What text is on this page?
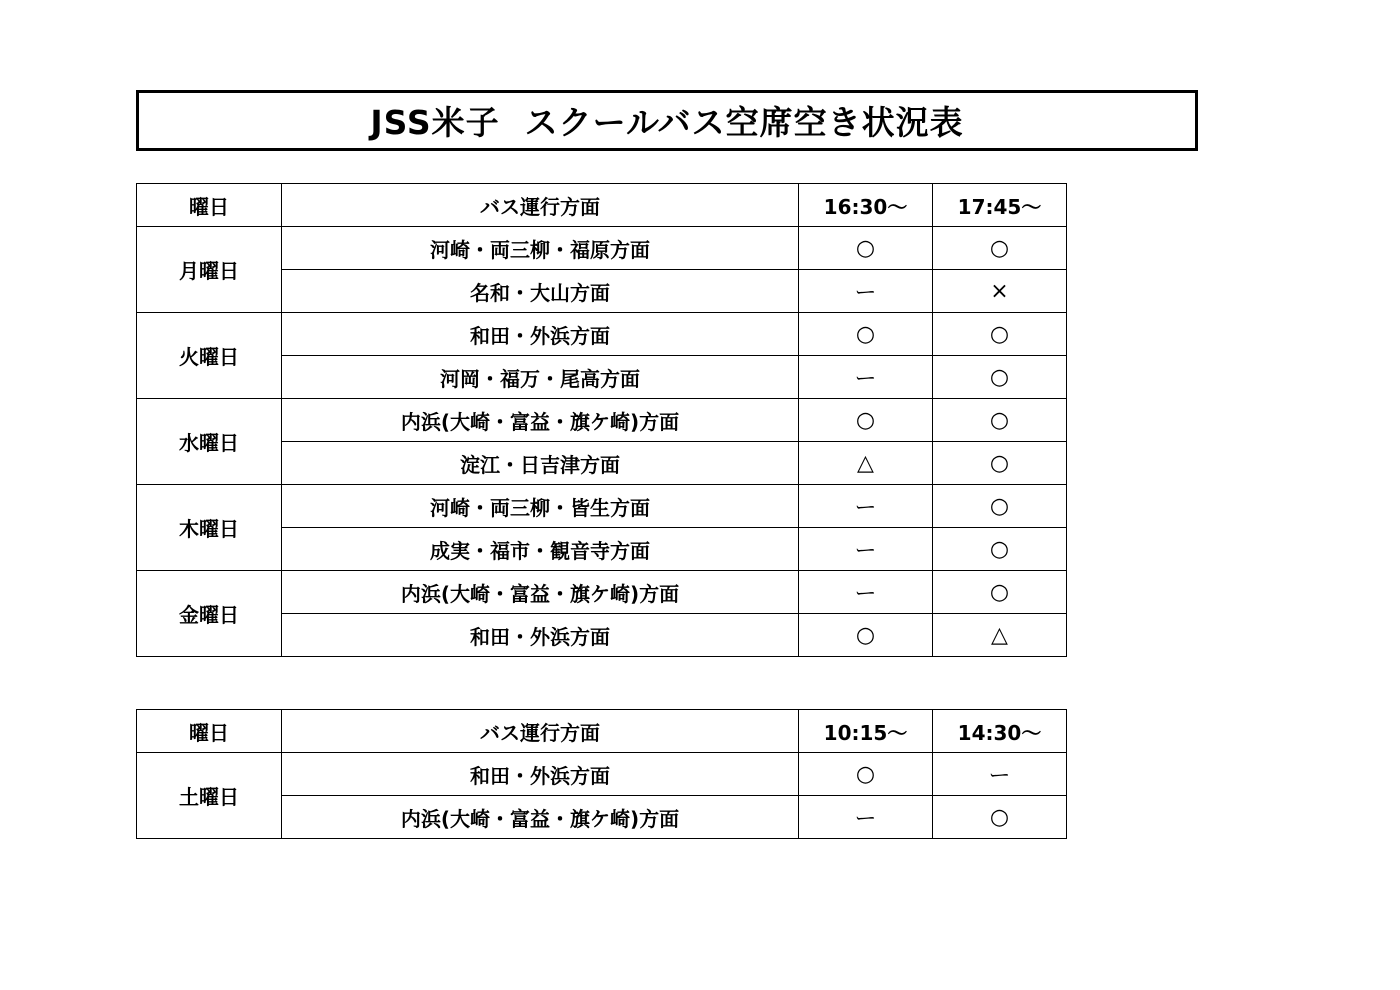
JSS米子  スクールバス空席空き状況表
曜日	バス運行方面	16:30～	17:45～
月曜日	河崎・両三柳・福原方面	○	○
	名和・大山方面	ー	×
火曜日	和田・外浜方面	○	○
	河岡・福万・尾高方面	ー	○
水曜日	内浜(大崎・富益・旗ケ崎)方面	○	○
	淀江・日吉津方面	△	○
木曜日	河崎・両三柳・皆生方面	ー	○
	成実・福市・観音寺方面	ー	○
金曜日	内浜(大崎・富益・旗ケ崎)方面	ー	○
	和田・外浜方面	○	△
曜日	バス運行方面	10:15～	14:30～
土曜日	和田・外浜方面	○	ー
	内浜(大崎・富益・旗ケ崎)方面	ー	○
